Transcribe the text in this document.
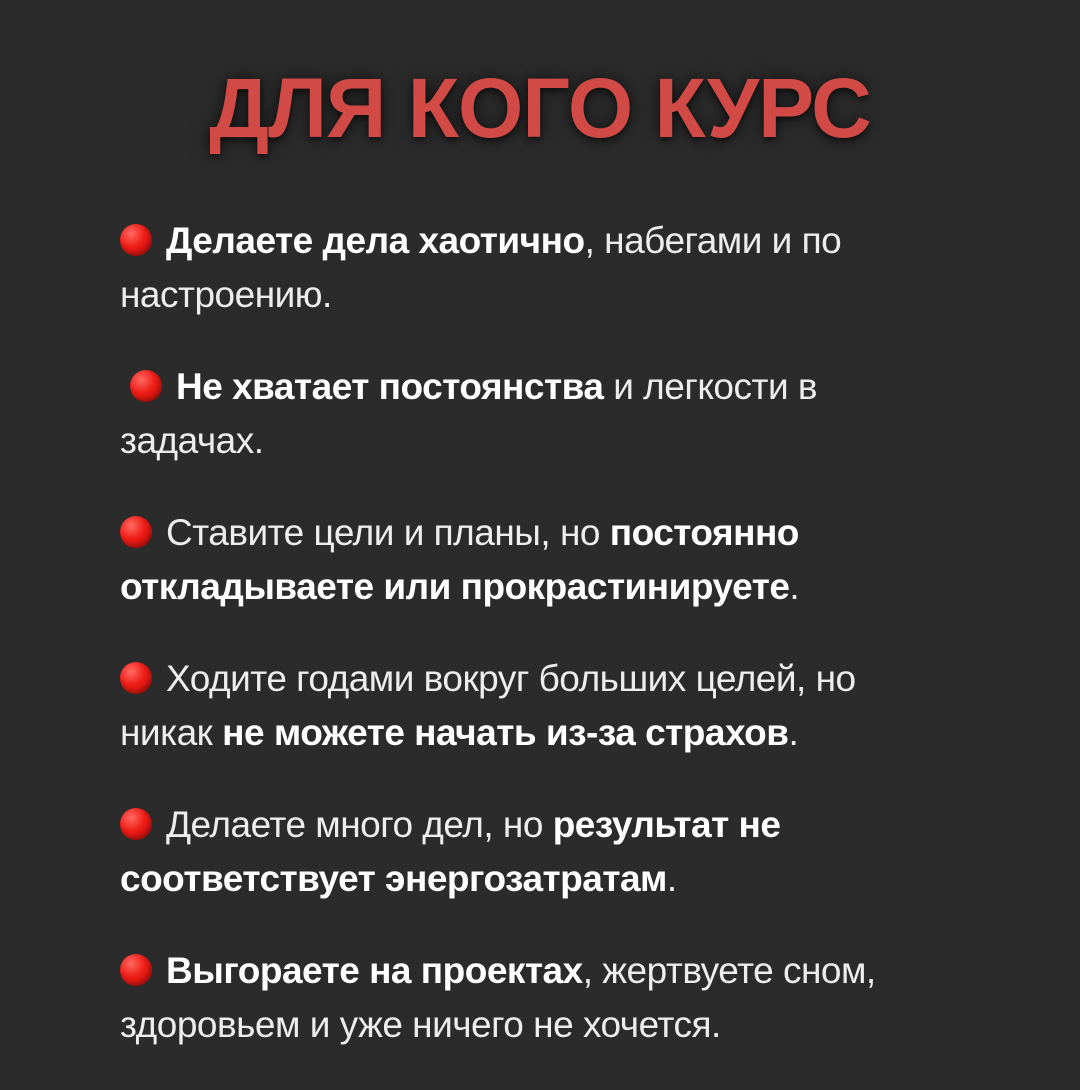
ДЛЯ КОГО КУРС
Делаете дела хаотично, набегами и по настроению.
Не хватает постоянства и легкости в задачах.
Ставите цели и планы, но постоянно откладываете или прокрастинируете.
Ходите годами вокруг больших целей, но никак не можете начать из-за страхов.
Делаете много дел, но результат не соответствует энергозатратам.
Выгораете на проектах, жертвуете сном, здоровьем и уже ничего не хочется.
